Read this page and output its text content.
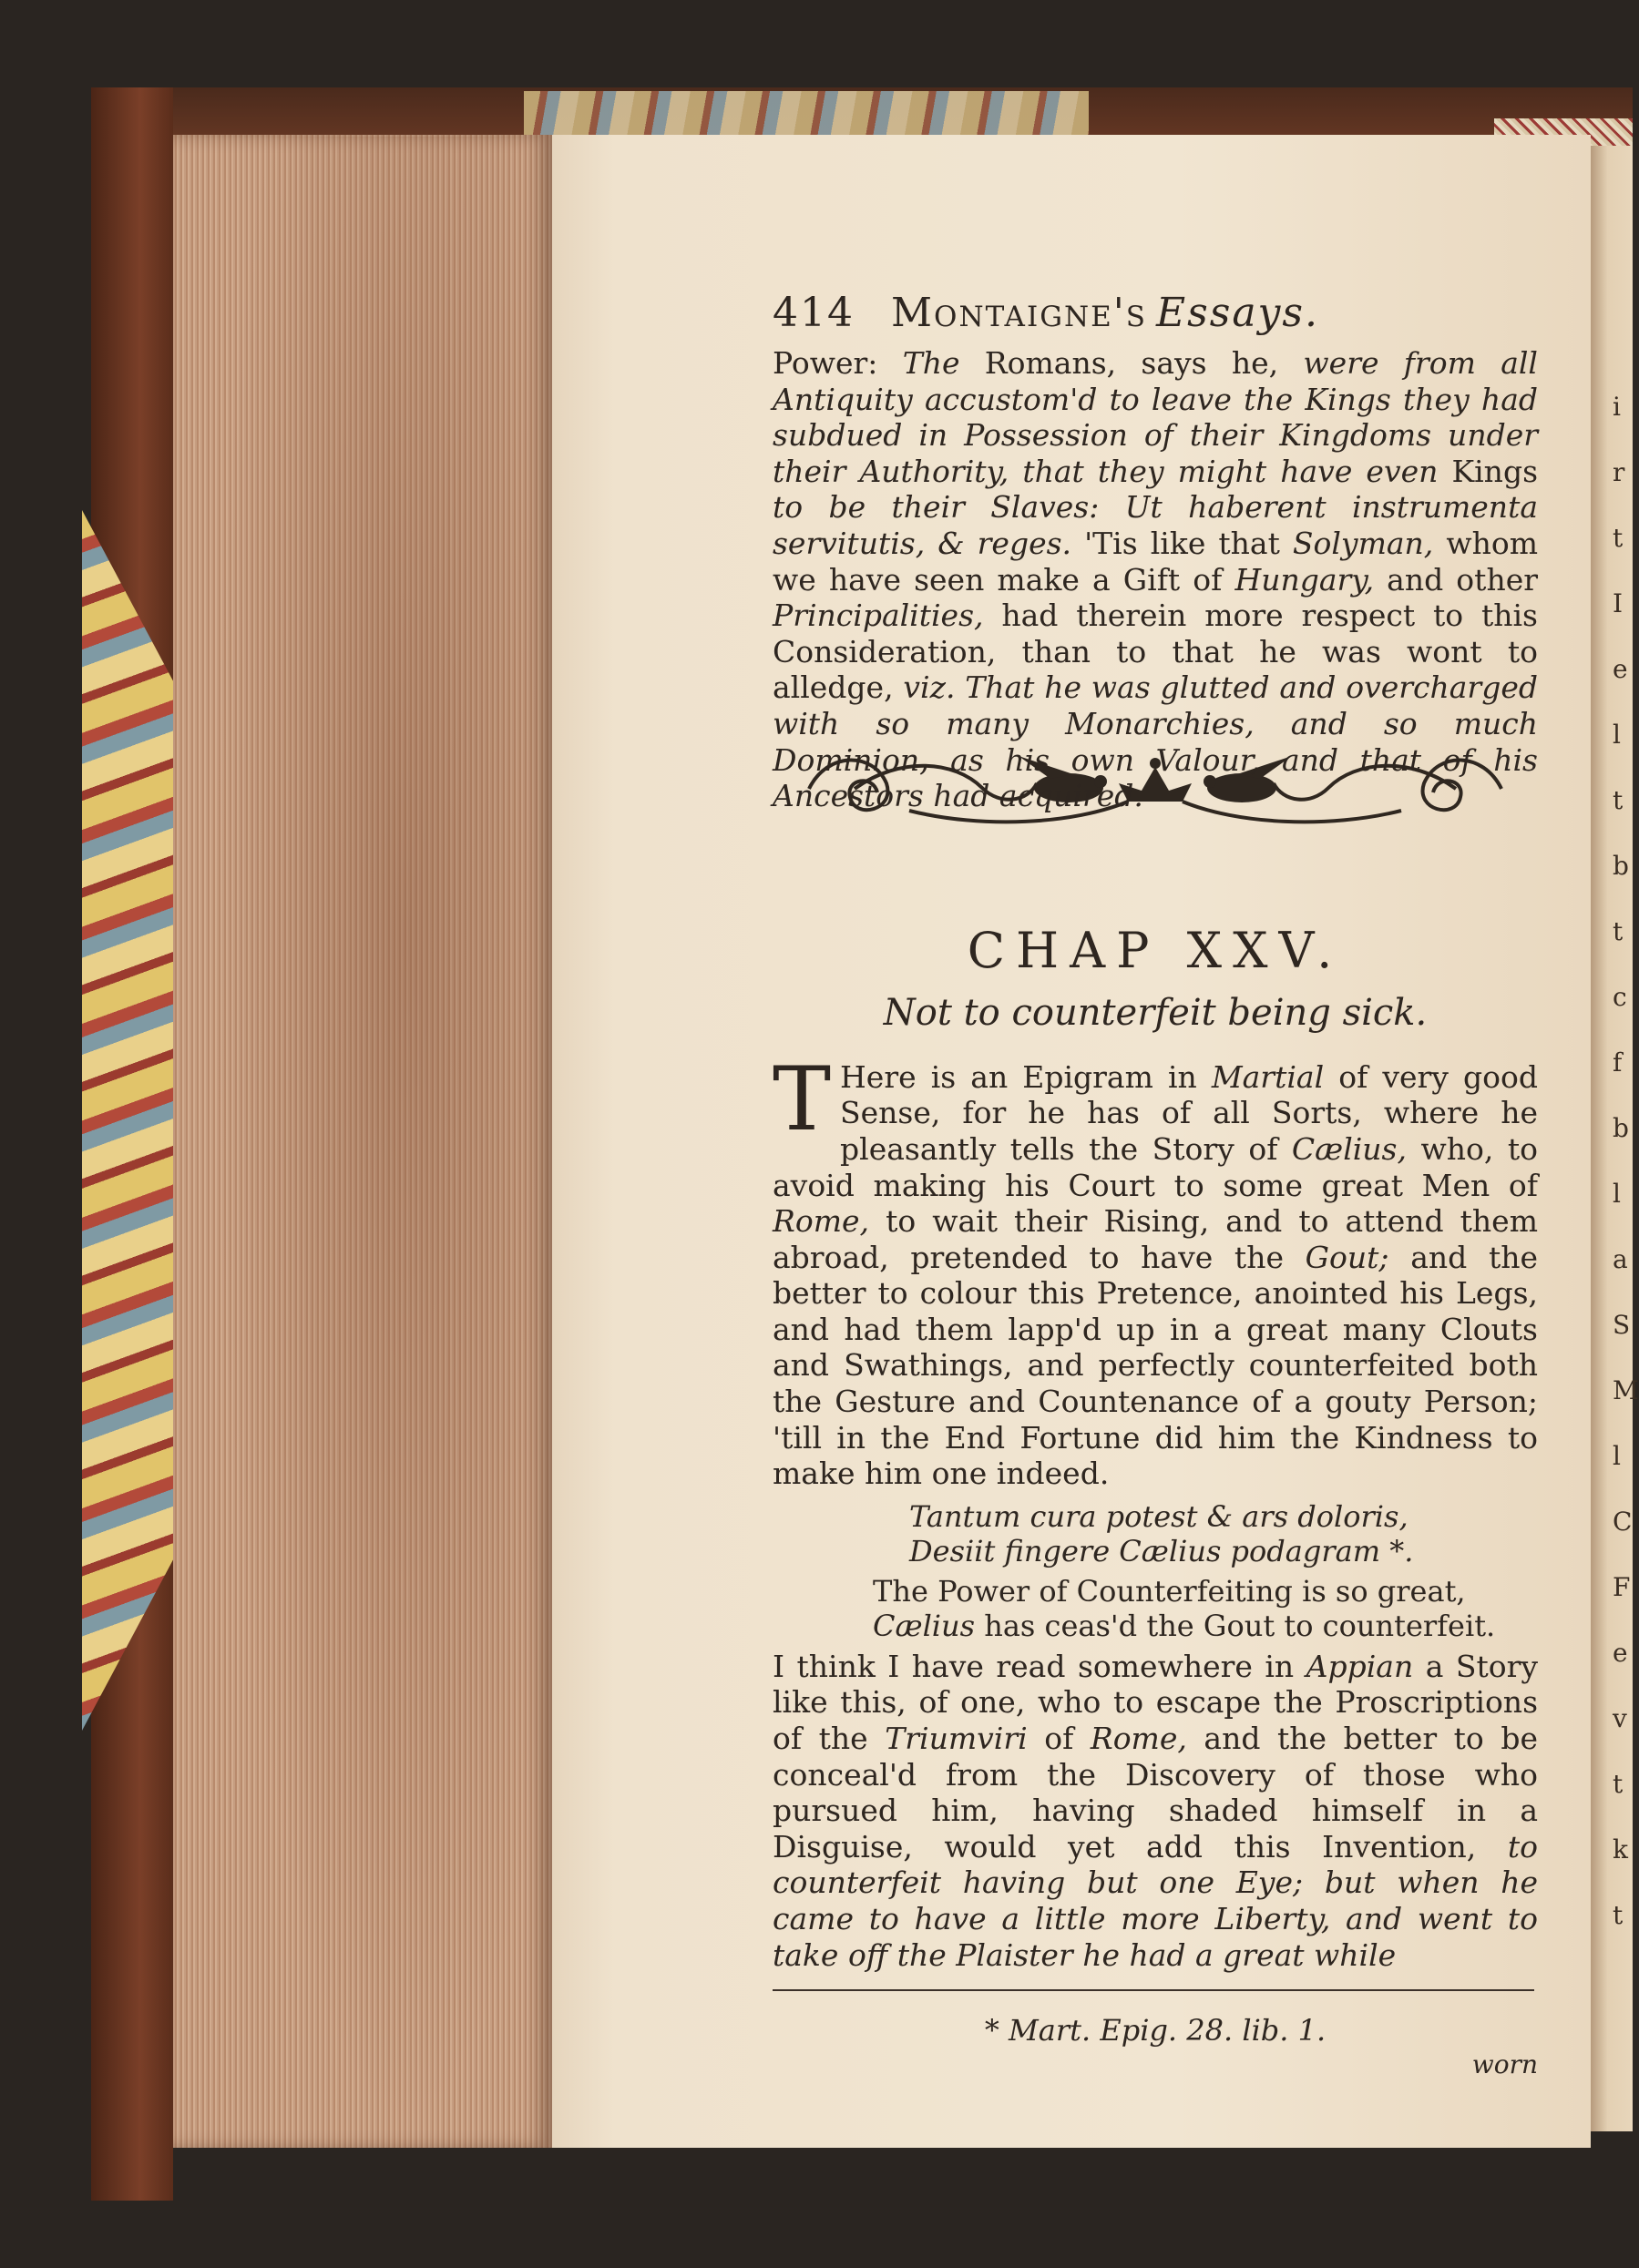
i
r
t
I
e
l
t
b
t
c
f
b
l
a
S
M
l
C
F
e
v
t
k
t
414 Montaigne's Essays.
Power: The Romans, says he, were from all Antiquity accustom'd to leave the Kings they had subdued in Possession of their Kingdoms under their Authority, that they might have even Kings to be their Slaves: Ut haberent instrumenta servitutis, & reges. 'Tis like that Solyman, whom we have seen make a Gift of Hungary, and other Principalities, had therein more respect to this Consideration, than to that he was wont to alledge, viz. That he was glutted and overcharged with so many Monarchies, and so much Dominion, as his own Valour, and that of his Ancestors had acquired.
CHAP XXV.
Not to counterfeit being sick.
T Here is an Epigram in Martial of very good Sense, for he has of all Sorts, where he pleasantly tells the Story of Cælius, who, to avoid making his Court to some great Men of Rome, to wait their Rising, and to attend them abroad, pretended to have the Gout; and the better to colour this Pretence, anointed his Legs, and had them lapp'd up in a great many Clouts and Swathings, and perfectly counterfeited both the Gesture and Countenance of a gouty Person; 'till in the End Fortune did him the Kindness to make him one indeed.
Tantum cura potest & ars doloris,
Desiit fingere Cælius podagram *.
The Power of Counterfeiting is so great,
Cælius has ceas'd the Gout to counterfeit.
I think I have read somewhere in Appian a Story like this, of one, who to escape the Proscriptions of the Triumviri of Rome, and the better to be conceal'd from the Discovery of those who pursued him, having shaded himself in a Disguise, would yet add this Invention, to counterfeit having but one Eye; but when he came to have a little more Liberty, and went to take off the Plaister he had a great while
* Mart. Epig. 28. lib. 1.
worn
